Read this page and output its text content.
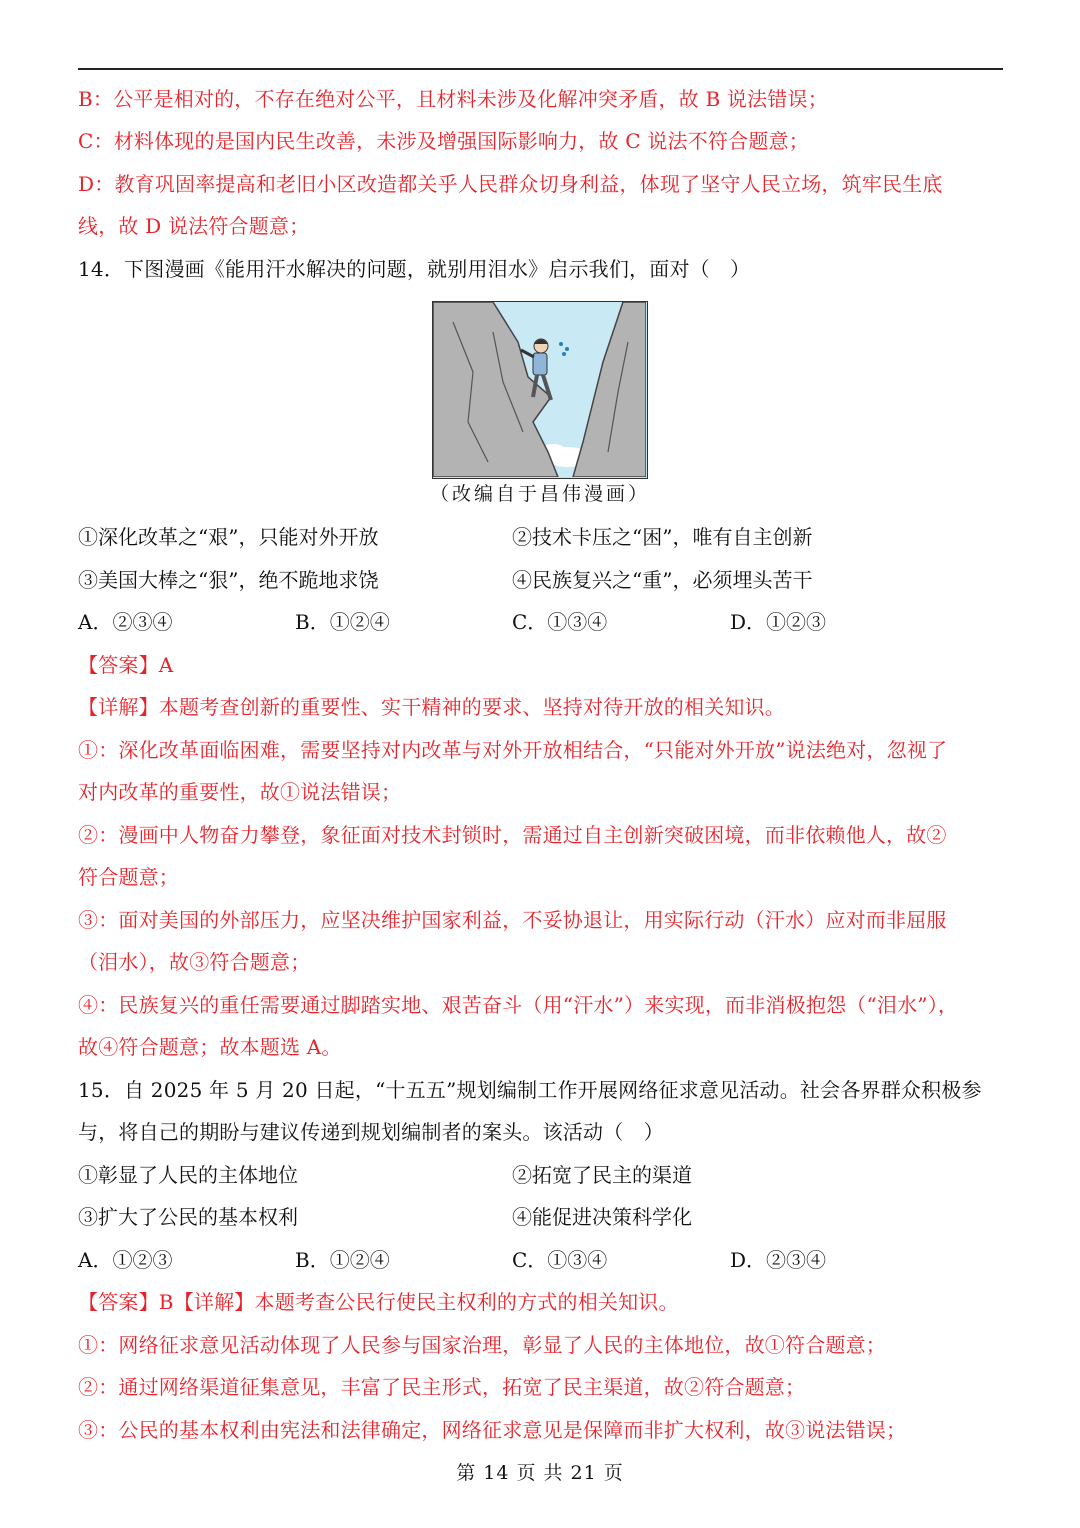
B：公平是相对的，不存在绝对公平，且材料未涉及化解冲突矛盾，故 B 说法错误；
C：材料体现的是国内民生改善，未涉及增强国际影响力，故 C 说法不符合题意；
D：教育巩固率提高和老旧小区改造都关乎人民群众切身利益，体现了坚守人民立场，筑牢民生底
线，故 D 说法符合题意；
14．下图漫画《能用汗水解决的问题，就别用泪水》启示我们，面对（　）
（改编自于昌伟漫画）
①深化改革之“艰”，只能对外开放	②技术卡压之“困”，唯有自主创新
③美国大棒之“狠”，绝不跪地求饶	④民族复兴之“重”，必须埋头苦干
A．②③④	B．①②④	C．①③④	D．①②③
【答案】A
【详解】本题考查创新的重要性、实干精神的要求、坚持对待开放的相关知识。
①：深化改革面临困难，需要坚持对内改革与对外开放相结合，“只能对外开放”说法绝对，忽视了
对内改革的重要性，故①说法错误；
②：漫画中人物奋力攀登，象征面对技术封锁时，需通过自主创新突破困境，而非依赖他人，故②
符合题意；
③：面对美国的外部压力，应坚决维护国家利益，不妥协退让，用实际行动（汗水）应对而非屈服
（泪水），故③符合题意；
④：民族复兴的重任需要通过脚踏实地、艰苦奋斗（用“汗水”）来实现，而非消极抱怨（“泪水”），
故④符合题意；故本题选 A。
15．自 2025 年 5 月 20 日起，“十五五”规划编制工作开展网络征求意见活动。社会各界群众积极参
与，将自己的期盼与建议传递到规划编制者的案头。该活动（　）
①彰显了人民的主体地位	②拓宽了民主的渠道
③扩大了公民的基本权利	④能促进决策科学化
A．①②③	B．①②④	C．①③④	D．②③④
【答案】B【详解】本题考查公民行使民主权利的方式的相关知识。
①：网络征求意见活动体现了人民参与国家治理，彰显了人民的主体地位，故①符合题意；
②：通过网络渠道征集意见，丰富了民主形式，拓宽了民主渠道，故②符合题意；
③：公民的基本权利由宪法和法律确定，网络征求意见是保障而非扩大权利，故③说法错误；
第 14 页 共 21 页
